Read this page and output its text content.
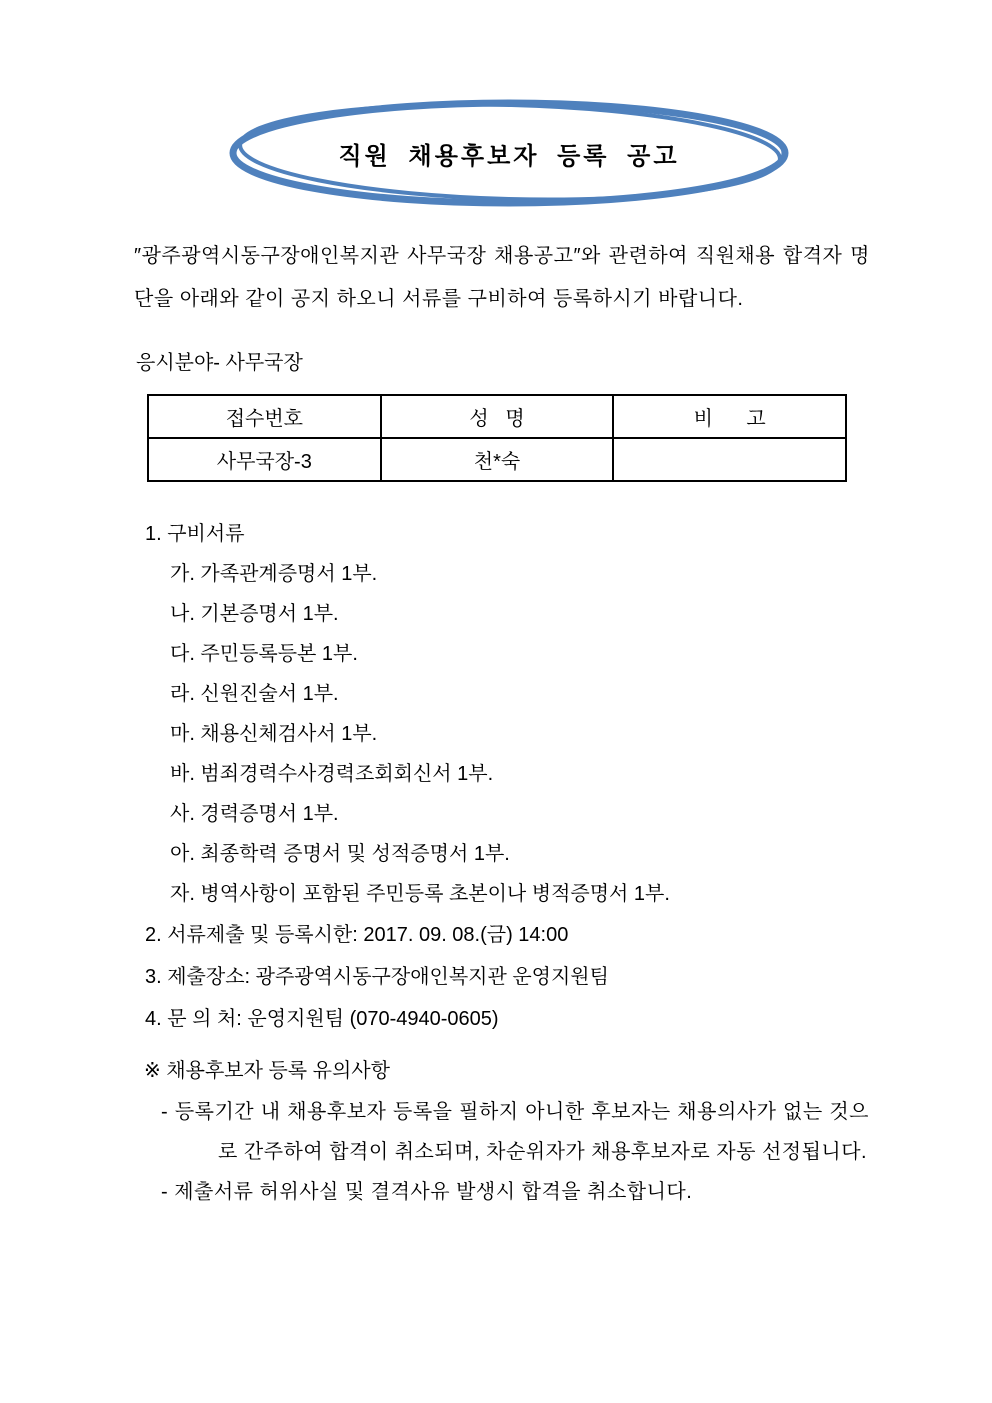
직원 채용후보자 등록 공고
″광주광역시동구장애인복지관 사무국장 채용공고″와 관련하여 직원채용 합격자 명단을 아래와 같이 공지 하오니 서류를 구비하여 등록하시기 바랍니다.
응시분야- 사무국장
접수번호	성   명	비      고
사무국장-3	천*숙	
1. 구비서류
가. 가족관계증명서 1부.
나. 기본증명서 1부.
다. 주민등록등본 1부.
라. 신원진술서 1부.
마. 채용신체검사서 1부.
바. 범죄경력수사경력조회회신서 1부.
사. 경력증명서 1부.
아. 최종학력 증명서 및 성적증명서 1부.
자. 병역사항이 포함된 주민등록 초본이나 병적증명서 1부.
2. 서류제출 및 등록시한: 2017. 09. 08.(금) 14:00
3. 제출장소: 광주광역시동구장애인복지관 운영지원팀
4. 문 의 처: 운영지원팀 (070-4940-0605)
※ 채용후보자 등록 유의사항
- 등록기간 내 채용후보자 등록을 필하지 아니한 후보자는 채용의사가 없는 것으로 간주하여 합격이 취소되며, 차순위자가 채용후보자로 자동 선정됩니다.
- 제출서류 허위사실 및 결격사유 발생시 합격을 취소합니다.
